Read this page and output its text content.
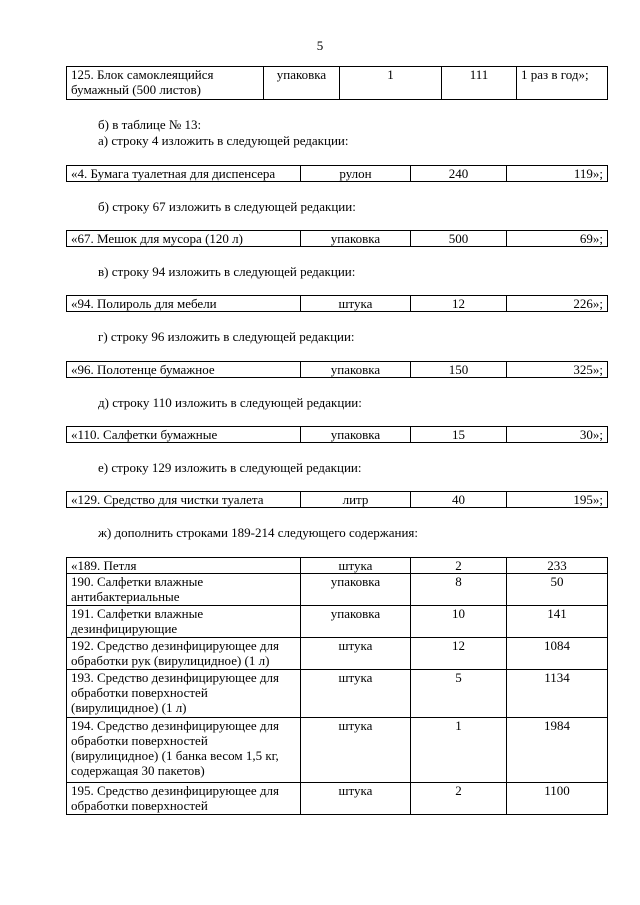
5
125. Блок самоклеящийся бумажный (500 листов)	упаковка	1	111	1 раз в год»;
б) в таблице № 13:
а) строку 4 изложить в следующей редакции:
«4. Бумага туалетная для диспенсера	рулон	240	119»;
б) строку 67 изложить в следующей редакции:
«67. Мешок для мусора (120 л)	упаковка	500	69»;
в) строку 94 изложить в следующей редакции:
«94. Полироль для мебели	штука	12	226»;
г) строку 96 изложить в следующей редакции:
«96. Полотенце бумажное	упаковка	150	325»;
д) строку 110 изложить в следующей редакции:
«110. Салфетки бумажные	упаковка	15	30»;
е) строку 129 изложить в следующей редакции:
«129. Средство для чистки туалета	литр	40	195»;
ж) дополнить строками 189-214 следующего содержания:
«189. Петля	штука	2	233
190. Салфетки влажные антибактериальные	упаковка	8	50
191. Салфетки влажные дезинфицирующие	упаковка	10	141
192. Средство дезинфицирующее для обработки рук (вирулицидное) (1 л)	штука	12	1084
193. Средство дезинфицирующее для обработки поверхностей (вирулицидное) (1 л)	штука	5	1134
194. Средство дезинфицирующее для обработки поверхностей (вирулицидное) (1 банка весом 1,5 кг, содержащая 30 пакетов)	штука	1	1984
195. Средство дезинфицирующее для обработки поверхностей	штука	2	1100
